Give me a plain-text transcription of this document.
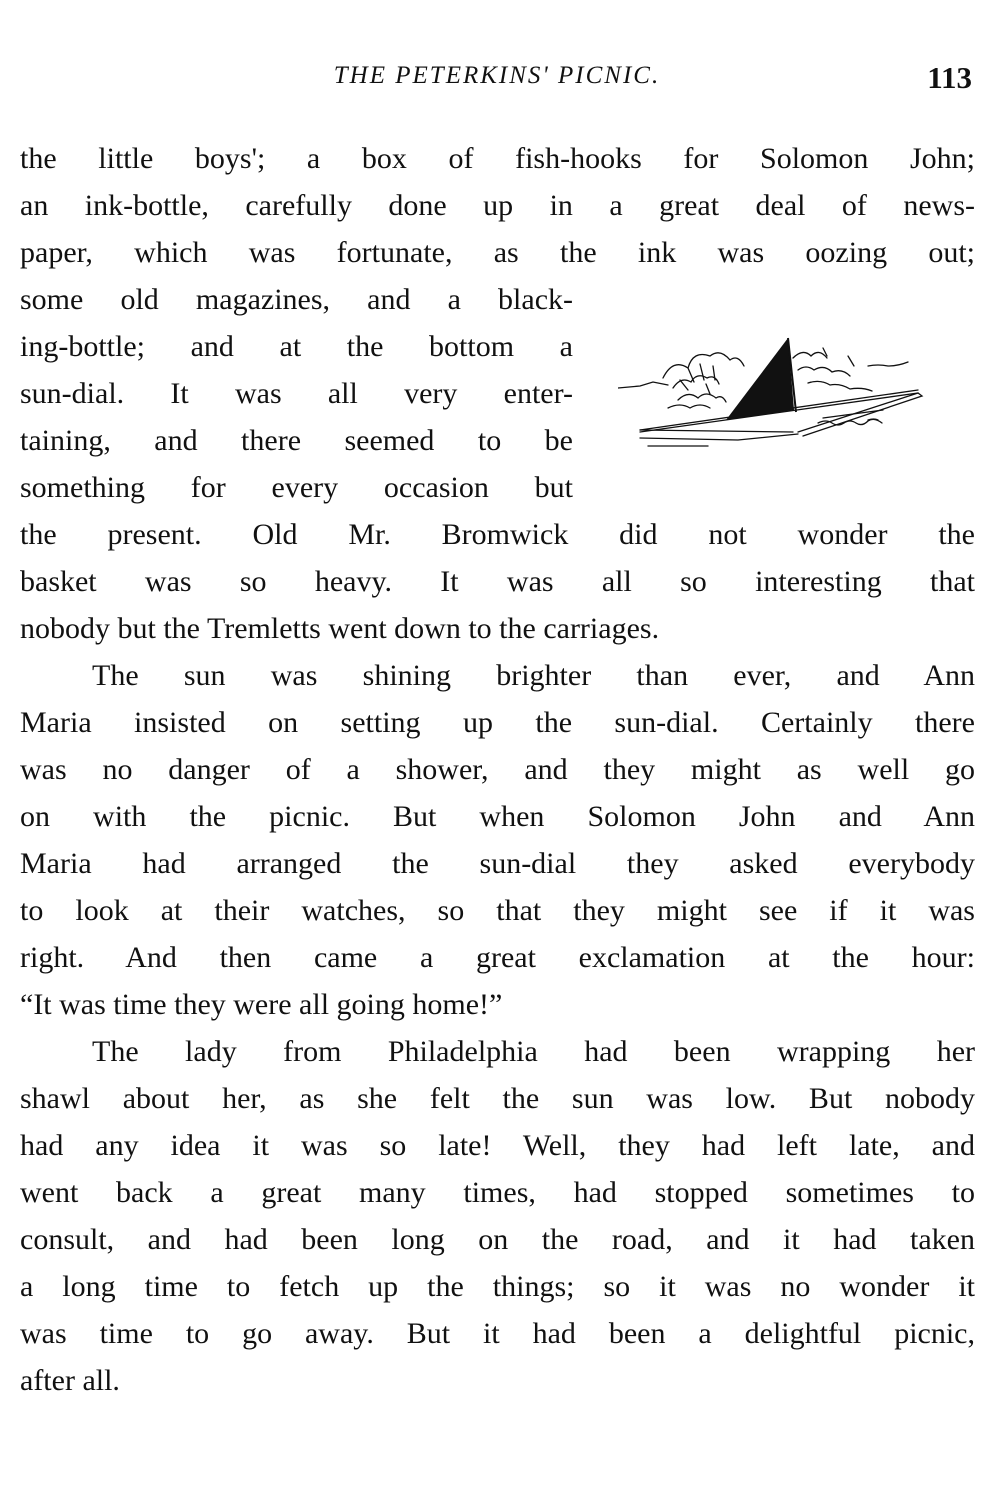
THE PETERKINS' PICNIC.	113
the little boys'; a box of fish-hooks for Solomon John;
an ink-bottle, carefully done up in a great deal of news-
paper, which was fortunate, as the ink was oozing out;
some old magazines, and a black-
ing-bottle; and at the bottom a
sun-dial. It was all very enter-
taining, and there seemed to be
something for every occasion but
the present. Old Mr. Bromwick did not wonder the
basket was so heavy. It was all so interesting that
nobody but the Tremletts went down to the carriages.
The sun was shining brighter than ever, and Ann
Maria insisted on setting up the sun-dial. Certainly there
was no danger of a shower, and they might as well go
on with the picnic. But when Solomon John and Ann
Maria had arranged the sun-dial they asked everybody
to look at their watches, so that they might see if it was
right. And then came a great exclamation at the hour:
“It was time they were all going home!”
The lady from Philadelphia had been wrapping her
shawl about her, as she felt the sun was low. But nobody
had any idea it was so late! Well, they had left late, and
went back a great many times, had stopped sometimes to
consult, and had been long on the road, and it had taken
a long time to fetch up the things; so it was no wonder it
was time to go away. But it had been a delightful picnic,
after all.
